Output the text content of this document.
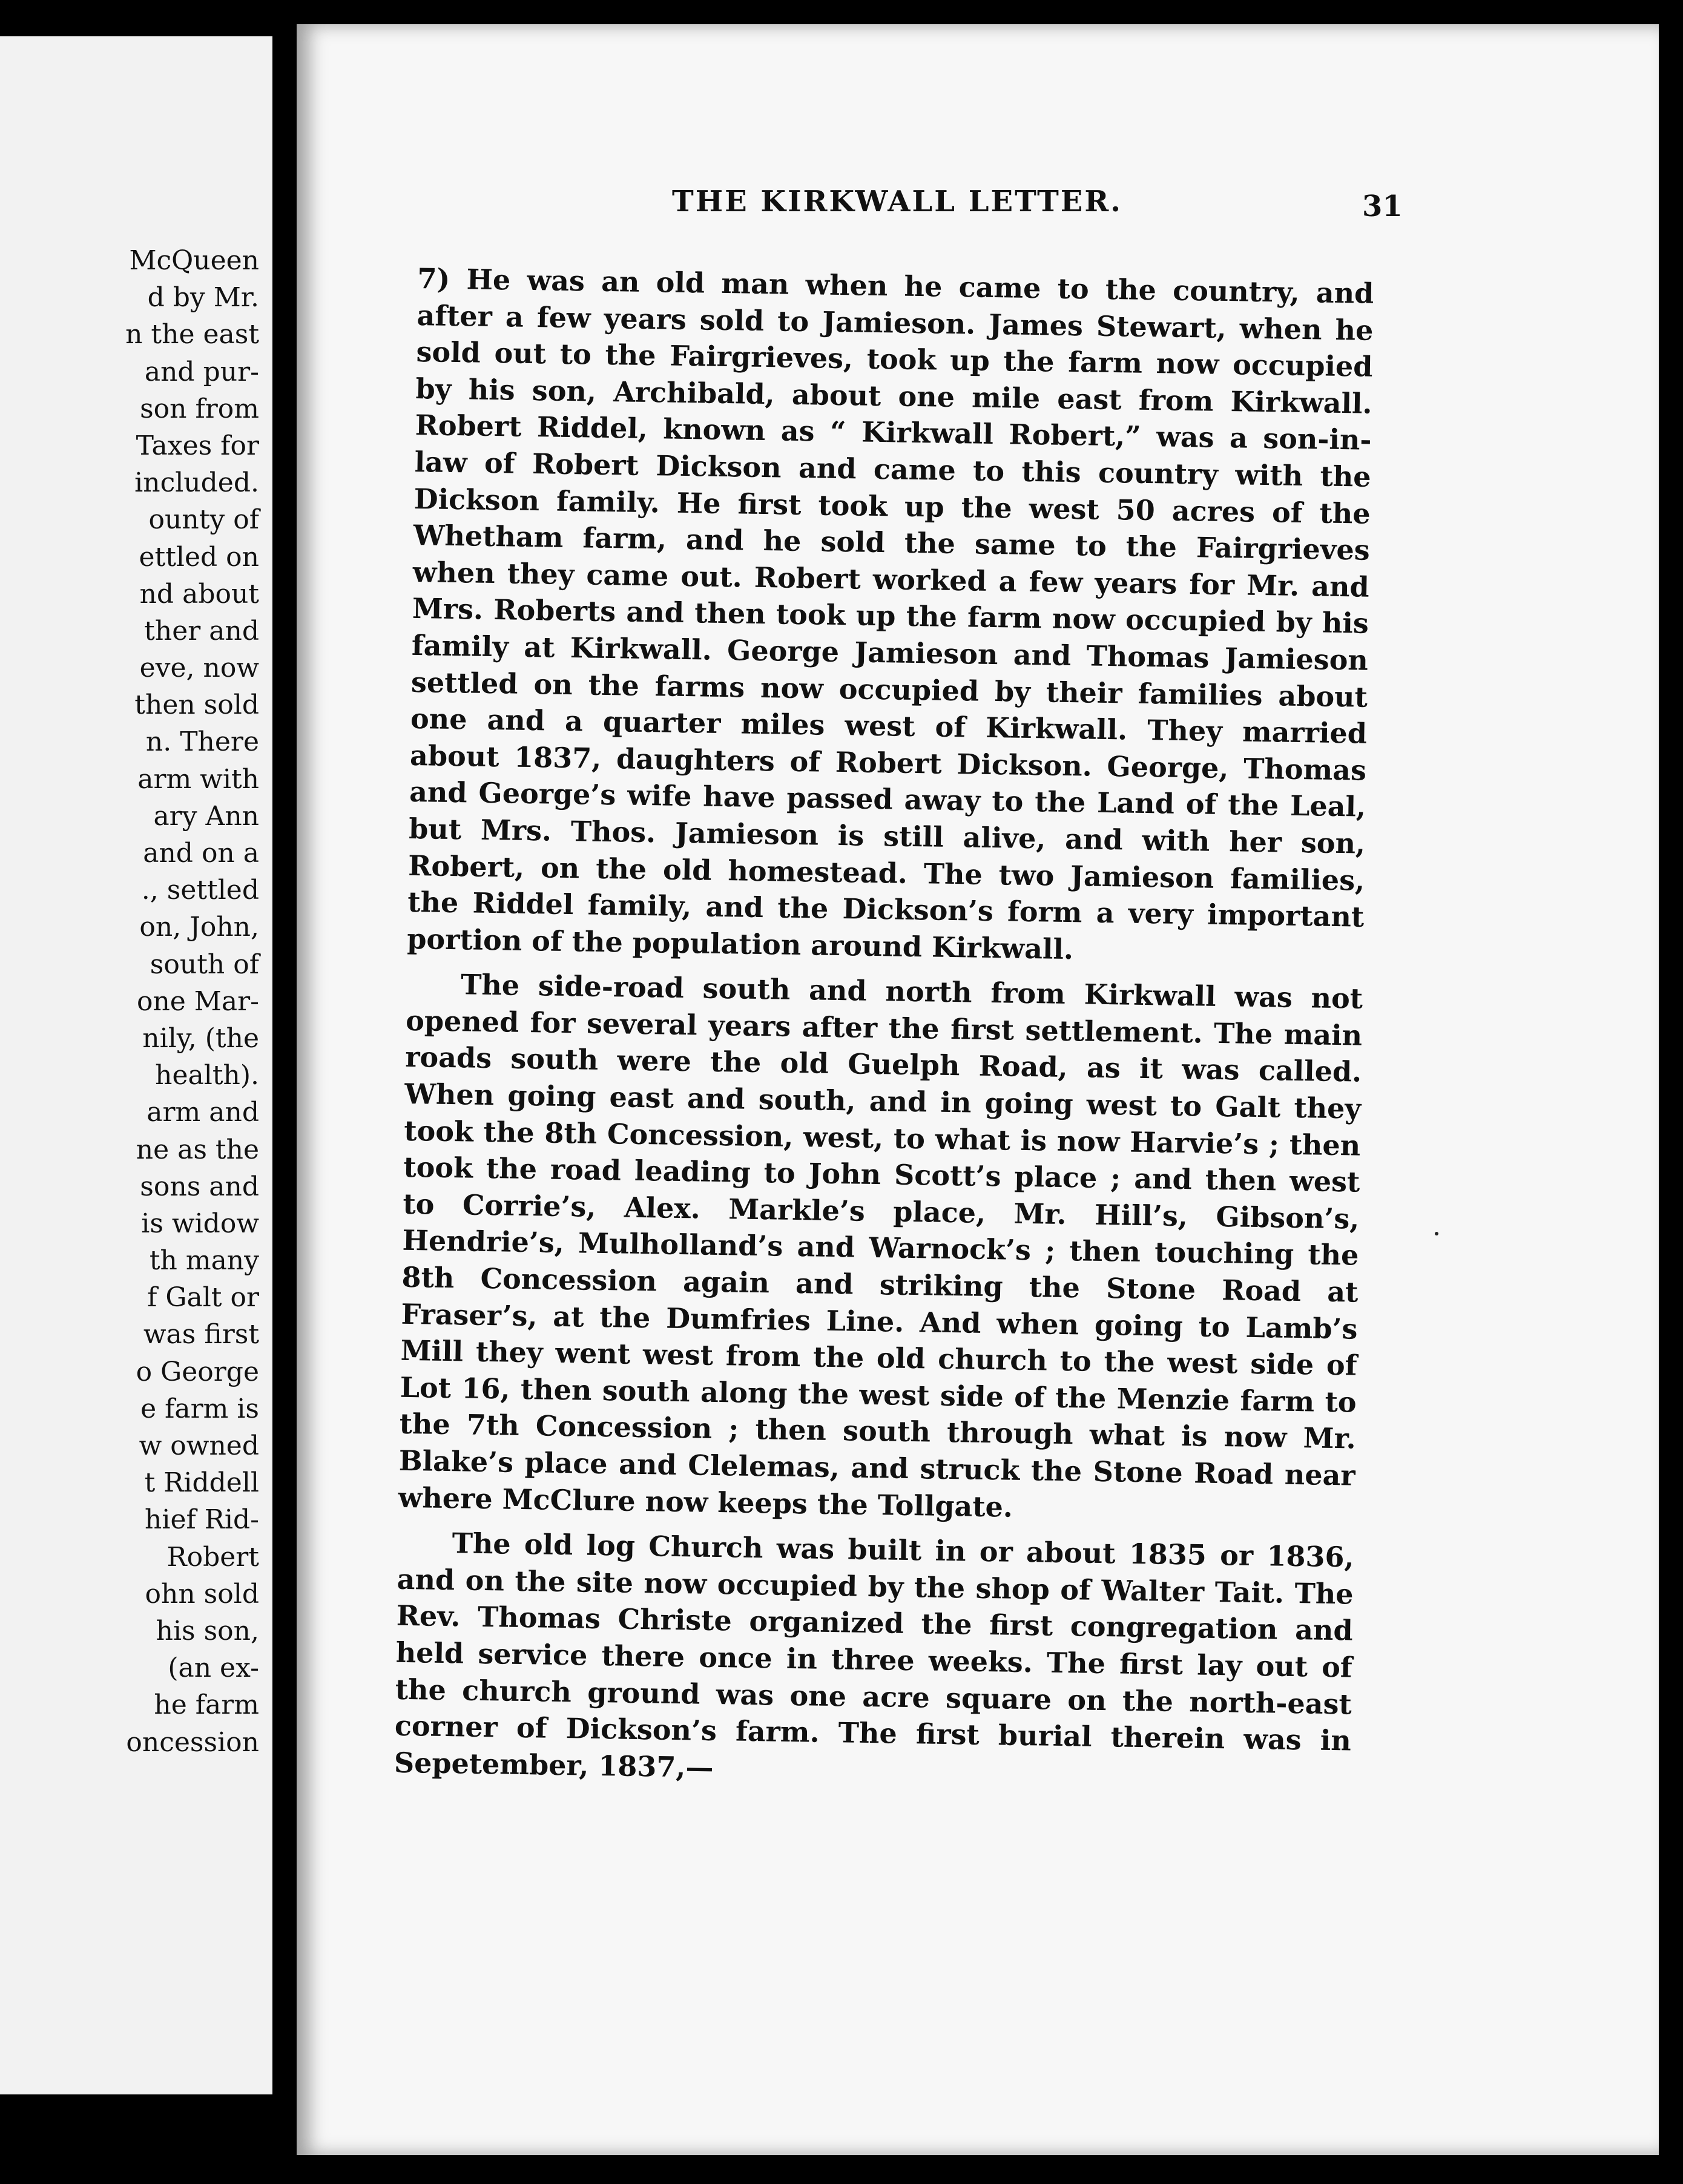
McQueen
d by Mr.
n the east
and pur-
son from
Taxes for
included.
ounty of
ettled on
nd about
ther and
eve, now
then sold
n. There
arm with
ary Ann
and on a
., settled
on, John,
south of
one Mar-
nily, (the
health).
arm and
ne as the
sons and
is widow
th many
f Galt or
was first
o George
e farm is
w owned
t Riddell
hief Rid-
Robert
ohn sold
his son,
(an ex-
he farm
oncession
THE KIRKWALL LETTER.	31

7) He was an old man when he came to the country, and after a few years sold to Jamieson. James Stewart, when he sold out to the Fairgrieves, took up the farm now occupied by his son, Archibald, about one mile east from Kirkwall. Robert Riddel, known as “ Kirkwall Robert,” was a son-in-law of Robert Dickson and came to this country with the Dickson family. He first took up the west 50 acres of the Whetham farm, and he sold the same to the Fairgrieves when they came out. Robert worked a few years for Mr. and Mrs. Roberts and then took up the farm now occupied by his family at Kirkwall. George Jamieson and Thomas Jamieson settled on the farms now occupied by their families about one and a quarter miles west of Kirkwall. They married about 1837, daughters of Robert Dickson. George, Thomas and George’s wife have passed away to the Land of the Leal, but Mrs. Thos. Jamieson is still alive, and with her son, Robert, on the old homestead. The two Jamieson families, the Riddel family, and the Dickson’s form a very important portion of the population around Kirkwall.

The side-road south and north from Kirkwall was not opened for several years after the first settlement. The main roads south were the old Guelph Road, as it was called. When going east and south, and in going west to Galt they took the 8th Concession, west, to what is now Harvie’s ; then took the road leading to John Scott’s place ; and then west to Corrie’s, Alex. Markle’s place, Mr. Hill’s, Gibson’s, Hendrie’s, Mulholland’s and Warnock’s ; then touching the 8th Concession again and striking the Stone Road at Fraser’s, at the Dumfries Line. And when going to Lamb’s Mill they went west from the old church to the west side of Lot 16, then south along the west side of the Menzie farm to the 7th Concession ; then south through what is now Mr. Blake’s place and Clelemas, and struck the Stone Road near where McClure now keeps the Tollgate.

The old log Church was built in or about 1835 or 1836, and on the site now occupied by the shop of Walter Tait. The Rev. Thomas Christe organized the first congregation and held service there once in three weeks. The first lay out of the church ground was one acre square on the north-east corner of Dickson’s farm. The first burial therein was in Sepetember, 1837,—
